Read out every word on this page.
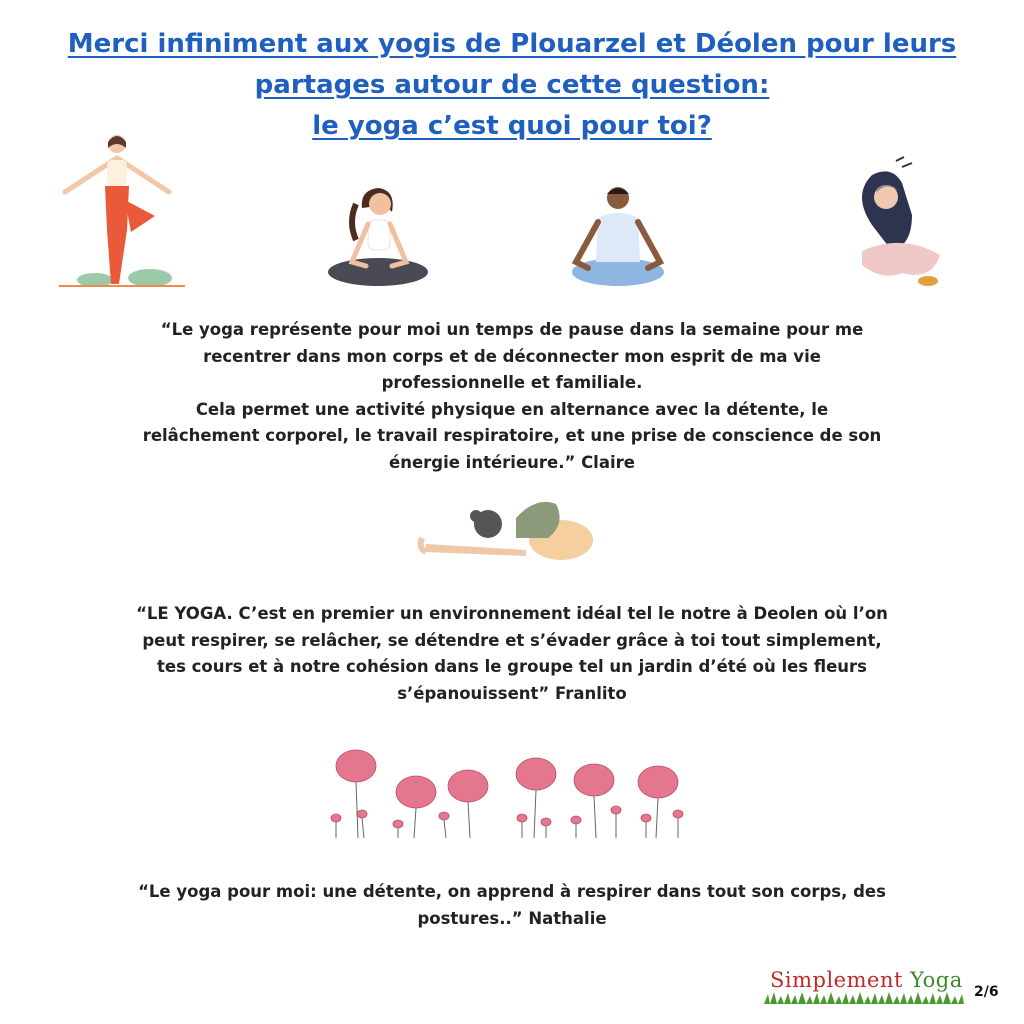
Merci infiniment aux yogis de Plouarzel et Déolen pour leurs
partages autour de cette question:
le yoga c’est quoi pour toi?
“Le yoga représente pour moi un temps de pause dans la semaine pour me
recentrer dans mon corps et de déconnecter mon esprit de ma vie
professionnelle et familiale.
Cela permet une activité physique en alternance avec la détente, le
relâchement corporel, le travail respiratoire, et une prise de conscience de son
énergie intérieure.” Claire
“LE YOGA. C’est en premier un environnement idéal tel le notre à Deolen où l’on
peut respirer, se relâcher, se détendre et s’évader grâce à toi tout simplement,
tes cours et à notre cohésion dans le groupe tel un jardin d’été où les fleurs
s’épanouissent” Franlito
“Le yoga pour moi: une détente, on apprend à respirer dans tout son corps, des
postures..” Nathalie
Simplement Yoga 2/6
